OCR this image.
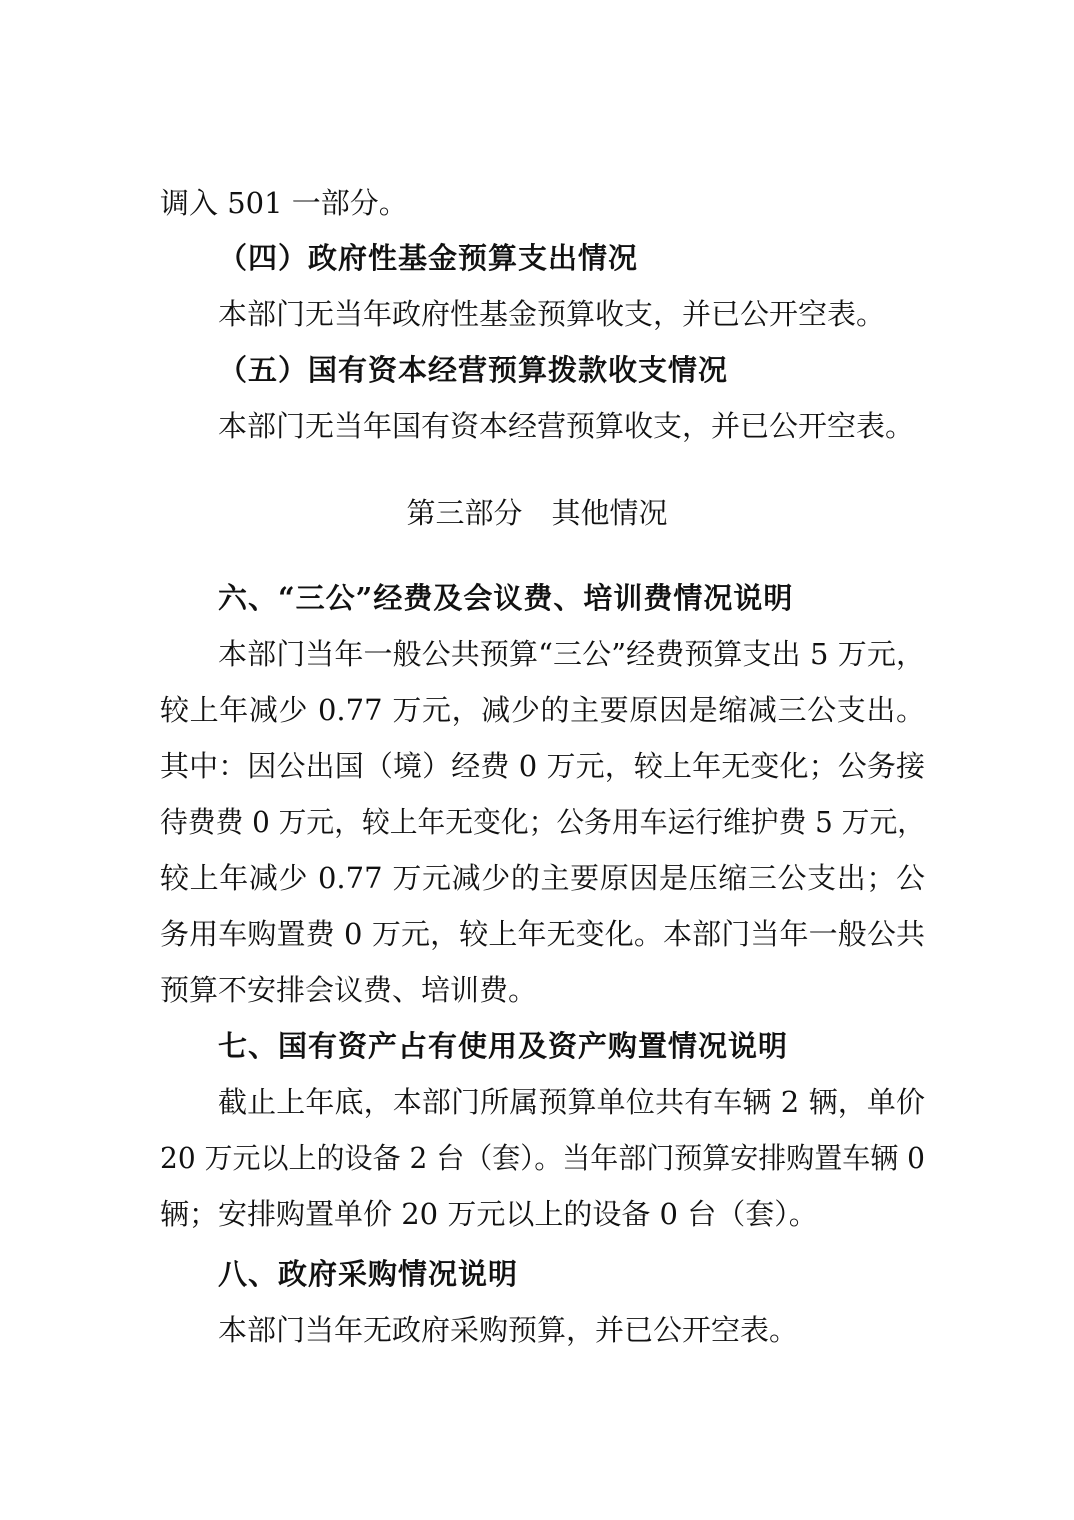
调入 501 一部分。
（四）政府性基金预算支出情况
本部门无当年政府性基金预算收支，并已公开空表。
（五）国有资本经营预算拨款收支情况
本部门无当年国有资本经营预算收支，并已公开空表。
第三部分　其他情况
六、“三公”经费及会议费、培训费情况说明
本部门当年一般公共预算“三公”经费预算支出 5 万元，
较上年减少 0.77 万元，减少的主要原因是缩减三公支出。
其中：因公出国（境）经费 0 万元，较上年无变化；公务接
待费费 0 万元，较上年无变化；公务用车运行维护费 5 万元，
较上年减少 0.77 万元减少的主要原因是压缩三公支出；公
务用车购置费 0 万元，较上年无变化。本部门当年一般公共
预算不安排会议费、培训费。
七、国有资产占有使用及资产购置情况说明
截止上年底，本部门所属预算单位共有车辆 2 辆，单价
20 万元以上的设备 2 台（套）。当年部门预算安排购置车辆 0
辆；安排购置单价 20 万元以上的设备 0 台（套）。
八、政府采购情况说明
本部门当年无政府采购预算，并已公开空表。
